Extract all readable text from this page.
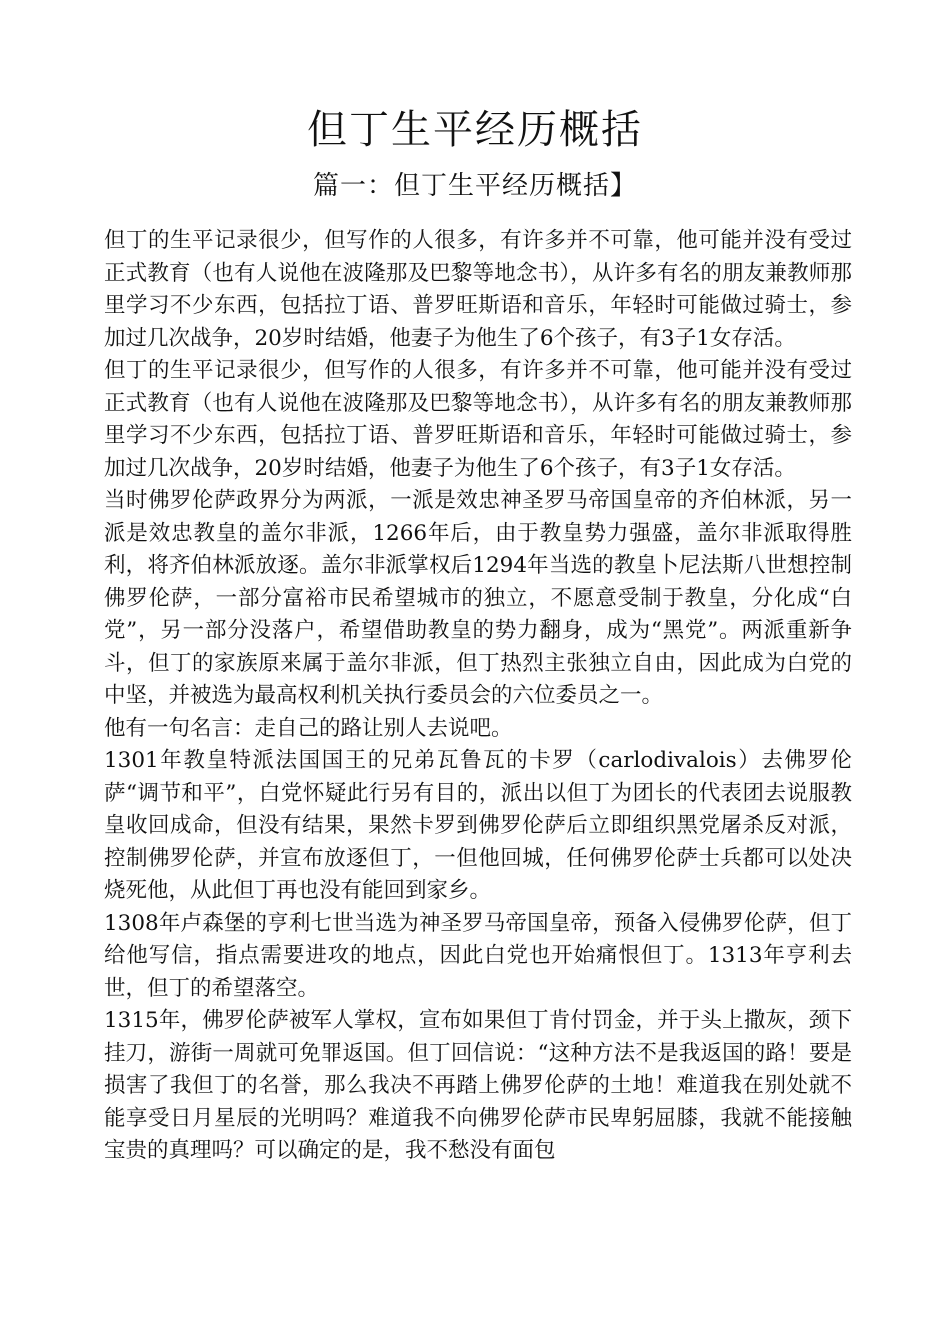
但丁生平经历概括
篇一：但丁生平经历概括】

但丁的生平记录很少，但写作的人很多，有许多并不可靠，他可能并没有受过正式教育（也有人说他在波隆那及巴黎等地念书），从许多有名的朋友兼教师那里学习不少东西，包括拉丁语、普罗旺斯语和音乐，年轻时可能做过骑士，参加过几次战争，20岁时结婚，他妻子为他生了6个孩子，有3子1女存活。

但丁的生平记录很少，但写作的人很多，有许多并不可靠，他可能并没有受过正式教育（也有人说他在波隆那及巴黎等地念书），从许多有名的朋友兼教师那里学习不少东西，包括拉丁语、普罗旺斯语和音乐，年轻时可能做过骑士，参加过几次战争，20岁时结婚，他妻子为他生了6个孩子，有3子1女存活。

当时佛罗伦萨政界分为两派，一派是效忠神圣罗马帝国皇帝的齐伯林派，另一派是效忠教皇的盖尔非派，1266年后，由于教皇势力强盛，盖尔非派取得胜利，将齐伯林派放逐。盖尔非派掌权后1294年当选的教皇卜尼法斯八世想控制佛罗伦萨，一部分富裕市民希望城市的独立，不愿意受制于教皇，分化成“白党”，另一部分没落户，希望借助教皇的势力翻身，成为“黑党”。两派重新争斗，但丁的家族原来属于盖尔非派，但丁热烈主张独立自由，因此成为白党的中坚，并被选为最高权利机关执行委员会的六位委员之一。

他有一句名言：走自己的路让别人去说吧。

1301年教皇特派法国国王的兄弟瓦鲁瓦的卡罗（carlodivalois）去佛罗伦萨“调节和平”，白党怀疑此行另有目的，派出以但丁为团长的代表团去说服教皇收回成命，但没有结果，果然卡罗到佛罗伦萨后立即组织黑党屠杀反对派，控制佛罗伦萨，并宣布放逐但丁，一但他回城，任何佛罗伦萨士兵都可以处决烧死他，从此但丁再也没有能回到家乡。

1308年卢森堡的亨利七世当选为神圣罗马帝国皇帝，预备入侵佛罗伦萨，但丁给他写信，指点需要进攻的地点，因此白党也开始痛恨但丁。1313年亨利去世，但丁的希望落空。

1315年，佛罗伦萨被军人掌权，宣布如果但丁肯付罚金，并于头上撒灰，颈下挂刀，游街一周就可免罪返国。但丁回信说：“这种方法不是我返国的路！要是损害了我但丁的名誉，那么我决不再踏上佛罗伦萨的土地！难道我在别处就不能享受日月星辰的光明吗？难道我不向佛罗伦萨市民卑躬屈膝，我就不能接触宝贵的真理吗？可以确定的是，我不愁没有面包
